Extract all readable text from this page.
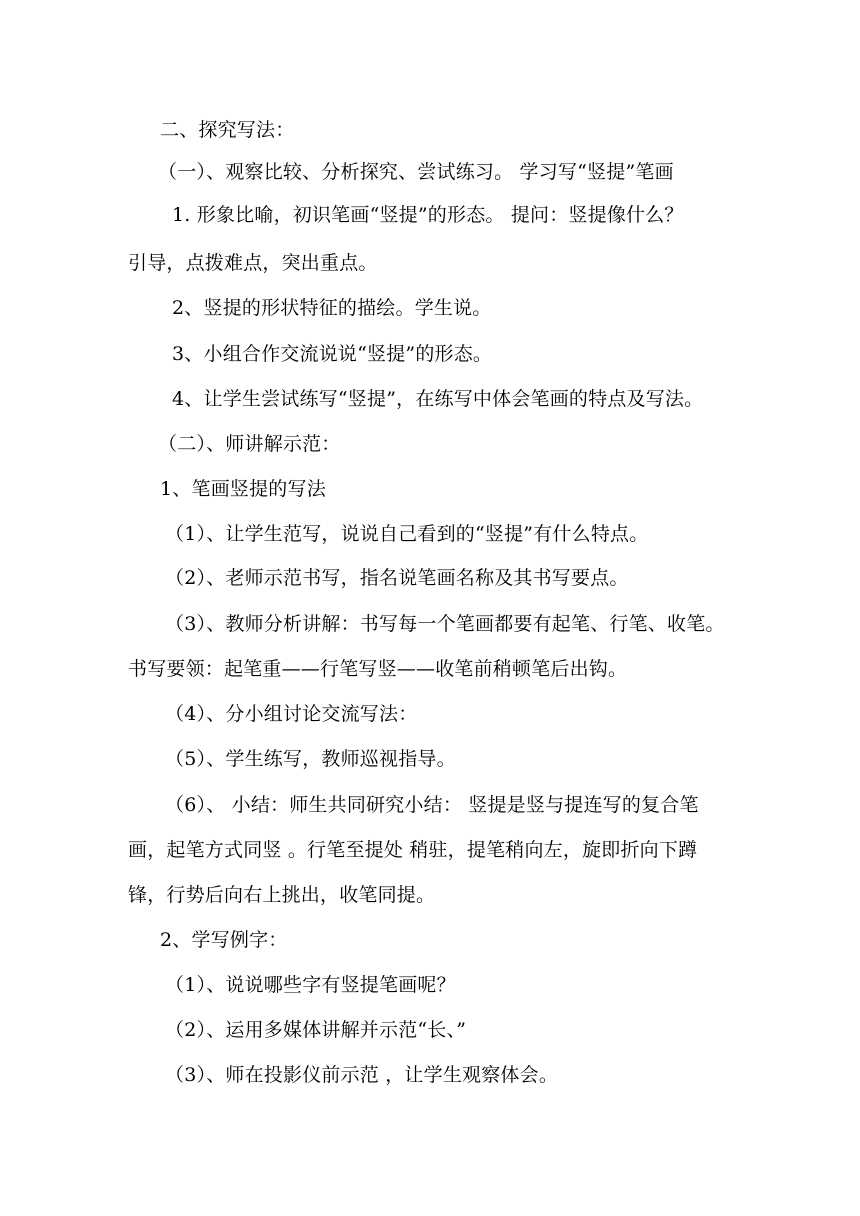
二、探究写法：
（一）、观察比较、分析探究、尝试练习。 学习写“竖提”笔画
1. 形象比喻，初识笔画“竖提”的形态。 提问：竖提像什么？
引导，点拨难点，突出重点。
2、竖提的形状特征的描绘。学生说。
3、小组合作交流说说“竖提”的形态。
4、让学生尝试练写“竖提”，在练写中体会笔画的特点及写法。
（二）、师讲解示范：
1、笔画竖提的写法
（1）、让学生范写，说说自己看到的“竖提”有什么特点。
（2）、老师示范书写，指名说笔画名称及其书写要点。
（3）、教师分析讲解：书写每一个笔画都要有起笔、行笔、收笔。
书写要领：起笔重——行笔写竖——收笔前稍顿笔后出钩。
（4）、分小组讨论交流写法：
（5）、学生练写，教师巡视指导。
（6）、 小结：师生共同研究小结： 竖提是竖与提连写的复合笔
画，起笔方式同竖 。行笔至提处 稍驻，提笔稍向左，旋即折向下蹲
锋，行势后向右上挑出，收笔同提。
2、学写例字：
（1）、说说哪些字有竖提笔画呢？
（2）、运用多媒体讲解并示范“长、”
（3）、师在投影仪前示范 ，让学生观察体会。
